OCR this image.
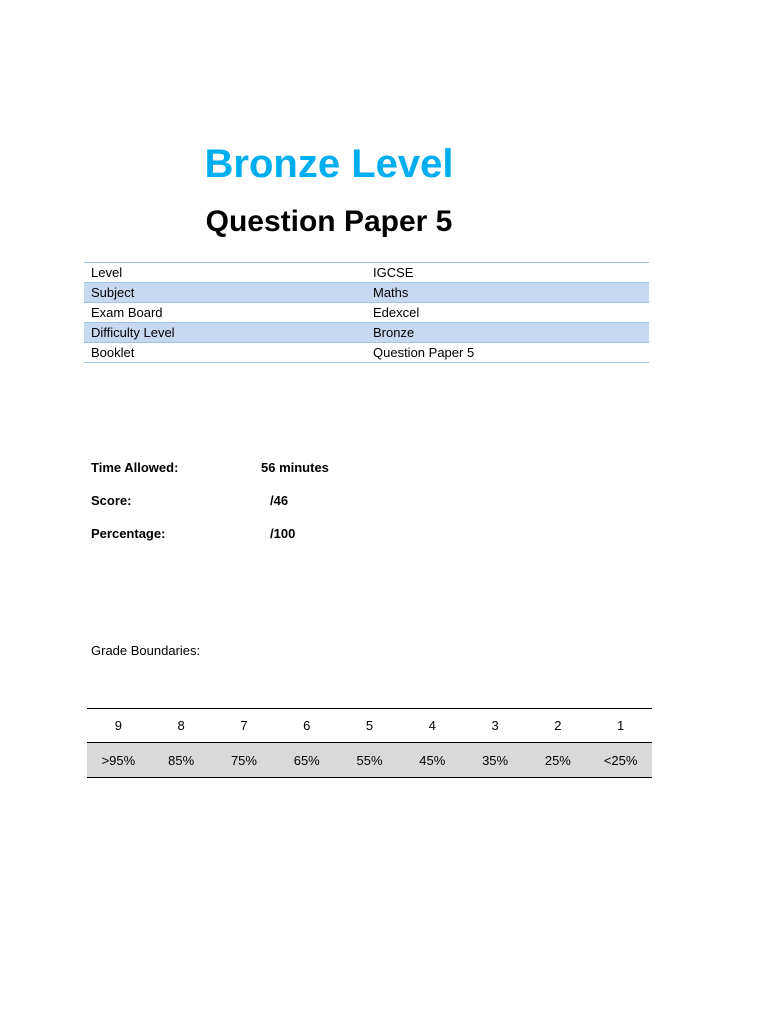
Bronze Level
Question Paper 5
Level	IGCSE
Subject	Maths
Exam Board	Edexcel
Difficulty Level	Bronze
Booklet	Question Paper 5
Time Allowed:	56 minutes
Score:	/46
Percentage:	/100
Grade Boundaries:
9	8	7	6	5	4	3	2	1
>95%	85%	75%	65%	55%	45%	35%	25%	<25%
